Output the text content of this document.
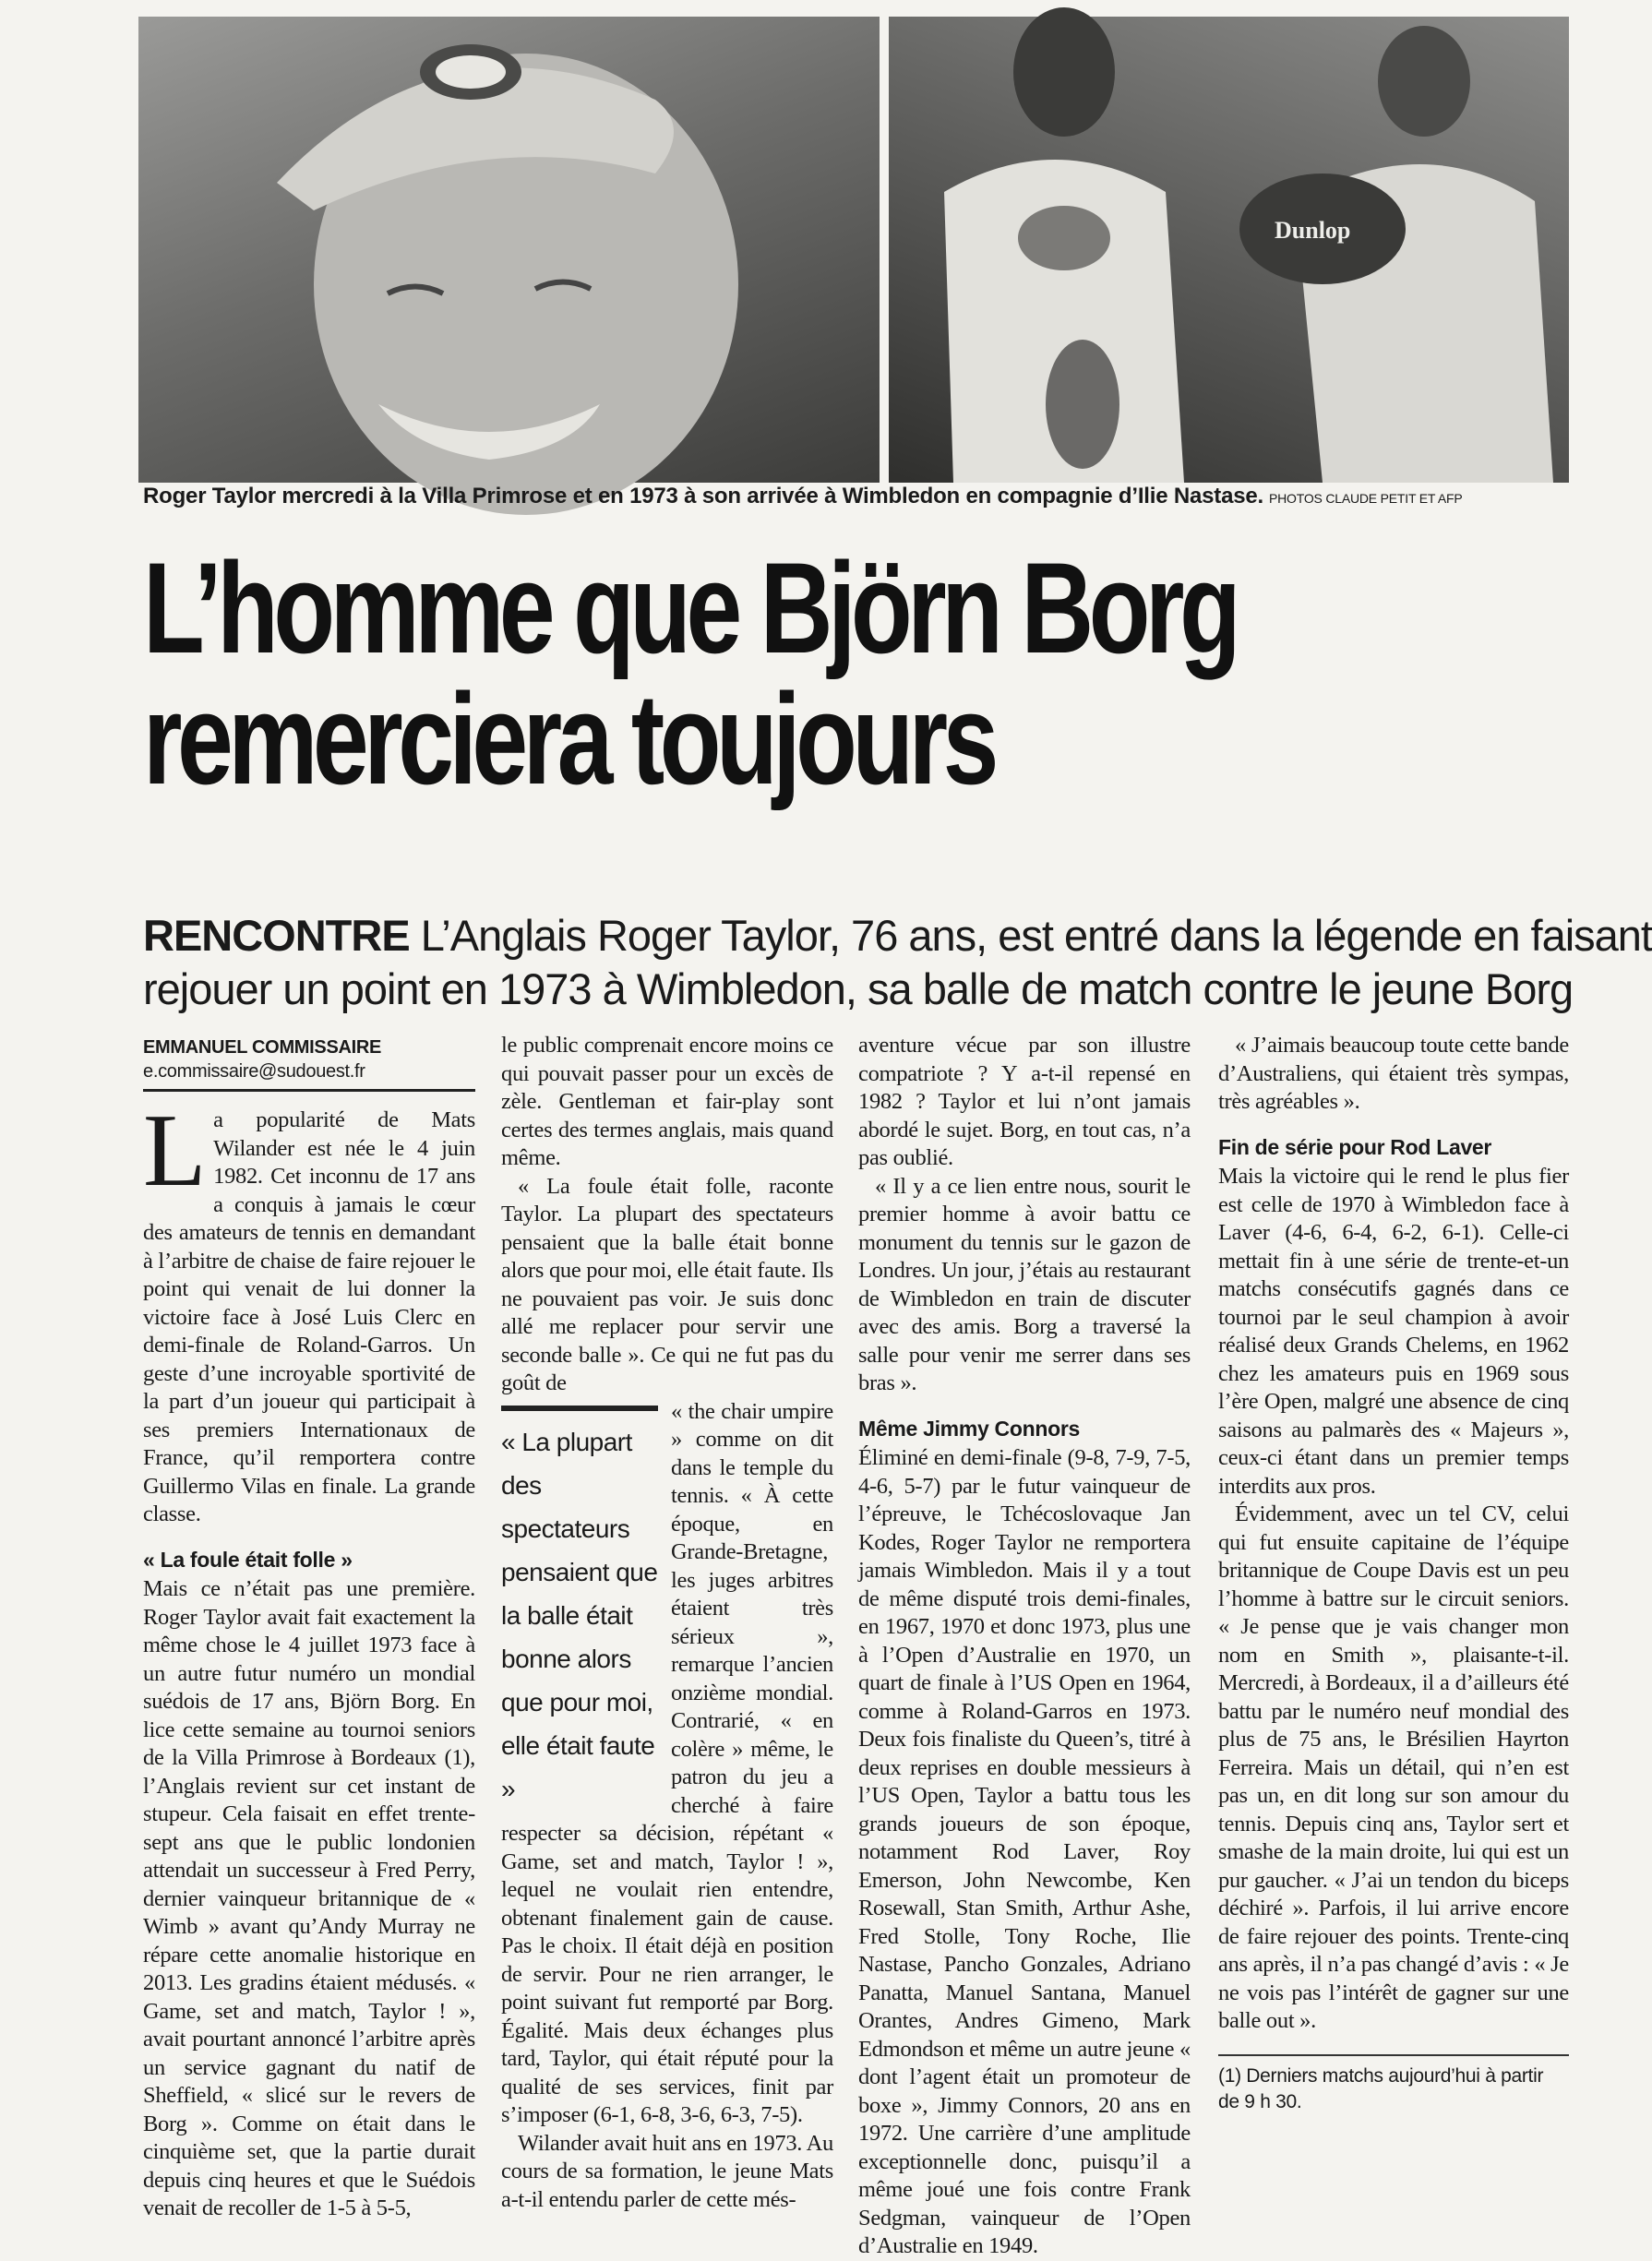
Dunlop
Roger Taylor mercredi à la Villa Primrose et en 1973 à son arrivée à Wimbledon en compagnie d’Ilie Nastase. PHOTOS CLAUDE PETIT ET AFP
L’homme que Björn Borg
remerciera toujours
RENCONTRE L’Anglais Roger Taylor, 76 ans, est entré dans la légende en faisant
rejouer un point en 1973 à Wimbledon, sa balle de match contre le jeune Borg
EMMANUEL COMMISSAIRE
e.commissaire@sudouest.fr

La popularité de Mats Wilander est née le 4 juin 1982. Cet inconnu de 17 ans a conquis à jamais le cœur des amateurs de tennis en demandant à l’arbitre de chaise de faire rejouer le point qui venait de lui donner la victoire face à José Luis Clerc en demi-finale de Roland-Garros. Un geste d’une incroyable sportivité de la part d’un joueur qui participait à ses premiers Internationaux de France, qu’il remportera contre Guillermo Vilas en finale. La grande classe.

« La foule était folle »

Mais ce n’était pas une première. Roger Taylor avait fait exactement la même chose le 4 juillet 1973 face à un autre futur numéro un mondial suédois de 17 ans, Björn Borg. En lice cette semaine au tournoi seniors de la Villa Primrose à Bordeaux (1), l’Anglais revient sur cet instant de stupeur. Cela faisait en effet trente-sept ans que le public londonien attendait un successeur à Fred Perry, dernier vainqueur britannique de « Wimb » avant qu’Andy Murray ne répare cette anomalie historique en 2013. Les gradins étaient médusés. « Game, set and match, Taylor ! », avait pourtant annoncé l’arbitre après un service gagnant du natif de Sheffield, « slicé sur le revers de Borg ». Comme on était dans le cinquième set, que la partie durait depuis cinq heures et que le Suédois venait de recoller de 1-5 à 5-5,

le public comprenait encore moins ce qui pouvait passer pour un excès de zèle. Gentleman et fair-play sont certes des termes anglais, mais quand même.

« La foule était folle, raconte Taylor. La plupart des spectateurs pensaient que la balle était bonne alors que pour moi, elle était faute. Ils ne pouvaient pas voir. Je suis donc allé me replacer pour servir une seconde balle ». Ce qui ne fut pas du goût de

« La plupart des spectateurs pensaient que la balle était bonne alors que pour moi, elle était faute »

« the chair umpire » comme on dit dans le temple du tennis. « À cette époque, en Grande-Bretagne, les juges arbitres étaient très sérieux », remarque l’ancien onzième mondial. Contrarié, « en colère » même, le patron du jeu a cherché à faire respecter sa décision, répétant « Game, set and match, Taylor ! », lequel ne voulait rien entendre, obtenant finalement gain de cause. Pas le choix. Il était déjà en position de servir. Pour ne rien arranger, le point suivant fut remporté par Borg. Égalité. Mais deux échanges plus tard, Taylor, qui était réputé pour la qualité de ses services, finit par s’imposer (6-1, 6-8, 3-6, 6-3, 7-5).

Wilander avait huit ans en 1973. Au cours de sa formation, le jeune Mats a-t-il entendu parler de cette més-

aventure vécue par son illustre compatriote ? Y a-t-il repensé en 1982 ? Taylor et lui n’ont jamais abordé le sujet. Borg, en tout cas, n’a pas oublié.

« Il y a ce lien entre nous, sourit le premier homme à avoir battu ce monument du tennis sur le gazon de Londres. Un jour, j’étais au restaurant de Wimbledon en train de discuter avec des amis. Borg a traversé la salle pour venir me serrer dans ses bras ».

Même Jimmy Connors

Éliminé en demi-finale (9-8, 7-9, 7-5, 4-6, 5-7) par le futur vainqueur de l’épreuve, le Tchécoslovaque Jan Kodes, Roger Taylor ne remportera jamais Wimbledon. Mais il y a tout de même disputé trois demi-finales, en 1967, 1970 et donc 1973, plus une à l’Open d’Australie en 1970, un quart de finale à l’US Open en 1964, comme à Roland-Garros en 1973. Deux fois finaliste du Queen’s, titré à deux reprises en double messieurs à l’US Open, Taylor a battu tous les grands joueurs de son époque, notamment Rod Laver, Roy Emerson, John Newcombe, Ken Rosewall, Stan Smith, Arthur Ashe, Fred Stolle, Tony Roche, Ilie Nastase, Pancho Gonzales, Adriano Panatta, Manuel Santana, Manuel Orantes, Andres Gimeno, Mark Edmondson et même un autre jeune « dont l’agent était un promoteur de boxe », Jimmy Connors, 20 ans en 1972. Une carrière d’une amplitude exceptionnelle donc, puisqu’il a même joué une fois contre Frank Sedgman, vainqueur de l’Open d’Australie en 1949.

« J’aimais beaucoup toute cette bande d’Australiens, qui étaient très sympas, très agréables ».

Fin de série pour Rod Laver

Mais la victoire qui le rend le plus fier est celle de 1970 à Wimbledon face à Laver (4-6, 6-4, 6-2, 6-1). Celle-ci mettait fin à une série de trente-et-un matchs consécutifs gagnés dans ce tournoi par le seul champion à avoir réalisé deux Grands Chelems, en 1962 chez les amateurs puis en 1969 sous l’ère Open, malgré une absence de cinq saisons au palmarès des « Majeurs », ceux-ci étant dans un premier temps interdits aux pros.

Évidemment, avec un tel CV, celui qui fut ensuite capitaine de l’équipe britannique de Coupe Davis est un peu l’homme à battre sur le circuit seniors. « Je pense que je vais changer mon nom en Smith », plaisante-t-il. Mercredi, à Bordeaux, il a d’ailleurs été battu par le numéro neuf mondial des plus de 75 ans, le Brésilien Hayrton Ferreira. Mais un détail, qui n’en est pas un, en dit long sur son amour du tennis. Depuis cinq ans, Taylor sert et smashe de la main droite, lui qui est un pur gaucher. « J’ai un tendon du biceps déchiré ». Parfois, il lui arrive encore de faire rejouer des points. Trente-cinq ans après, il n’a pas changé d’avis : « Je ne vois pas l’intérêt de gagner sur une balle out ».

(1) Derniers matchs aujourd’hui à partir de 9 h 30.
